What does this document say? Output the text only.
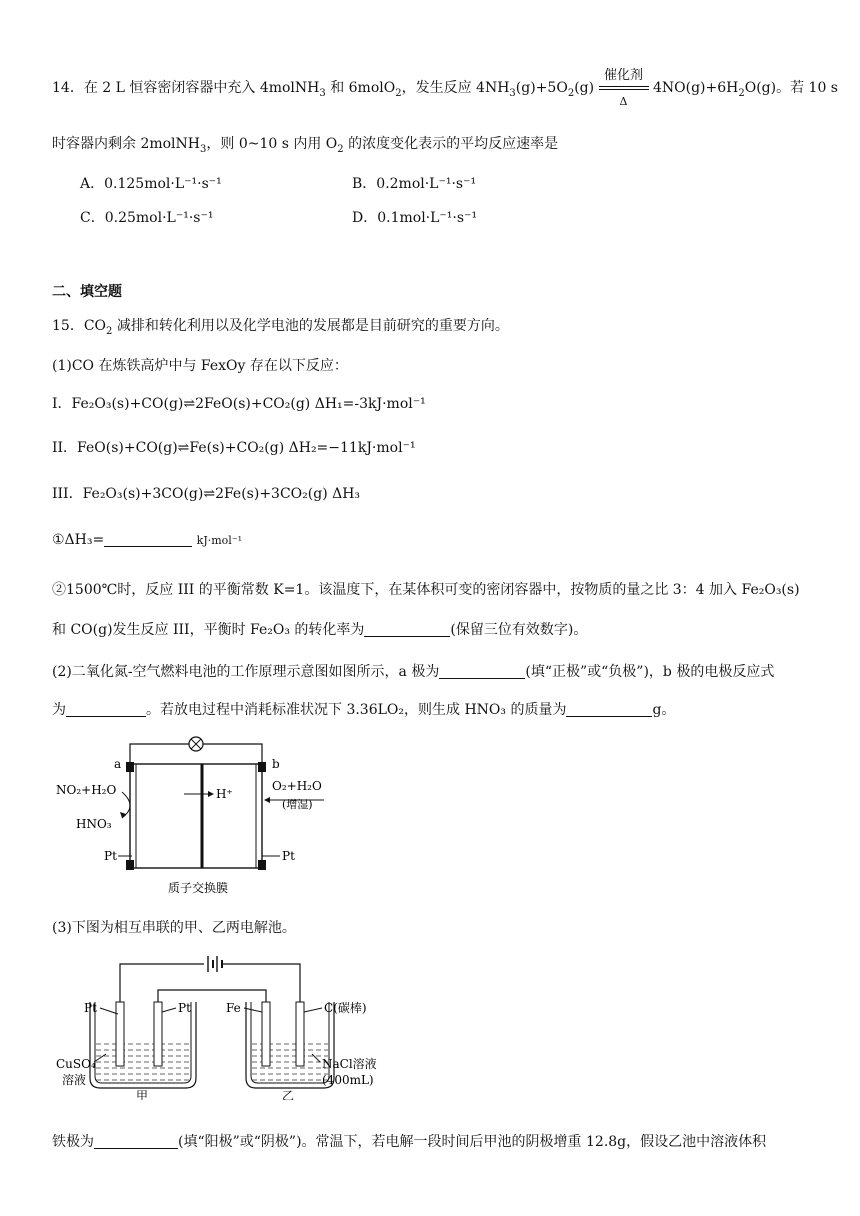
14．在 2 L 恒容密闭容器中充入 4molNH$_3$ 和 6molO$_2$，发生反应 $4NH_3(g)+5O_2(g)$
催化剂
Δ
$4NO(g)+6H_2O(g)$。若 10 s
时容器内剩余 2molNH$_3$，则 0~10 s 内用 $O_2$ 的浓度变化表示的平均反应速率是
A．0.125mol·L⁻¹·s⁻¹	B．0.2mol·L⁻¹·s⁻¹
C．0.25mol·L⁻¹·s⁻¹	D．0.1mol·L⁻¹·s⁻¹
二、填空题
15．$CO_2$ 减排和转化利用以及化学电池的发展都是目前研究的重要方向。
(1)CO 在炼铁高炉中与 FexOy 存在以下反应：
I．Fe₂O₃(s)+CO(g)⇌2FeO(s)+CO₂(g) ΔH₁=-3kJ·mol⁻¹
II．FeO(s)+CO(g)⇌Fe(s)+CO₂(g) ΔH₂=−11kJ·mol⁻¹
III．Fe₂O₃(s)+3CO(g)⇌2Fe(s)+3CO₂(g) ΔH₃
①ΔH₃=	kJ·mol⁻¹
②1500℃时，反应 III 的平衡常数 K=1。该温度下，在某体积可变的密闭容器中，按物质的量之比 3：4 加入 Fe₂O₃(s)
和 CO(g)发生反应 III，平衡时 Fe₂O₃ 的转化率为	(保留三位有效数字)。
(2)二氧化氮-空气燃料电池的工作原理示意图如图所示，a 极为	(填“正极”或“负极”)，b 极的电极反应式
为	。若放电过程中消耗标准状况下 3.36LO₂，则生成 HNO₃ 的质量为	g。
a	b
NO₂+H₂O
HNO₃
H⁺
O₂+H₂O
(增湿)
Pt	Pt
质子交换膜
(3)下图为相互串联的甲、乙两电解池。
Pt	Pt	Fe	C(碳棒)
CuSO₄
溶液
NaCl溶液
(400mL)
甲	乙
铁极为	(填“阳极”或“阴极”)。常温下，若电解一段时间后甲池的阴极增重 12.8g，假设乙池中溶液体积
